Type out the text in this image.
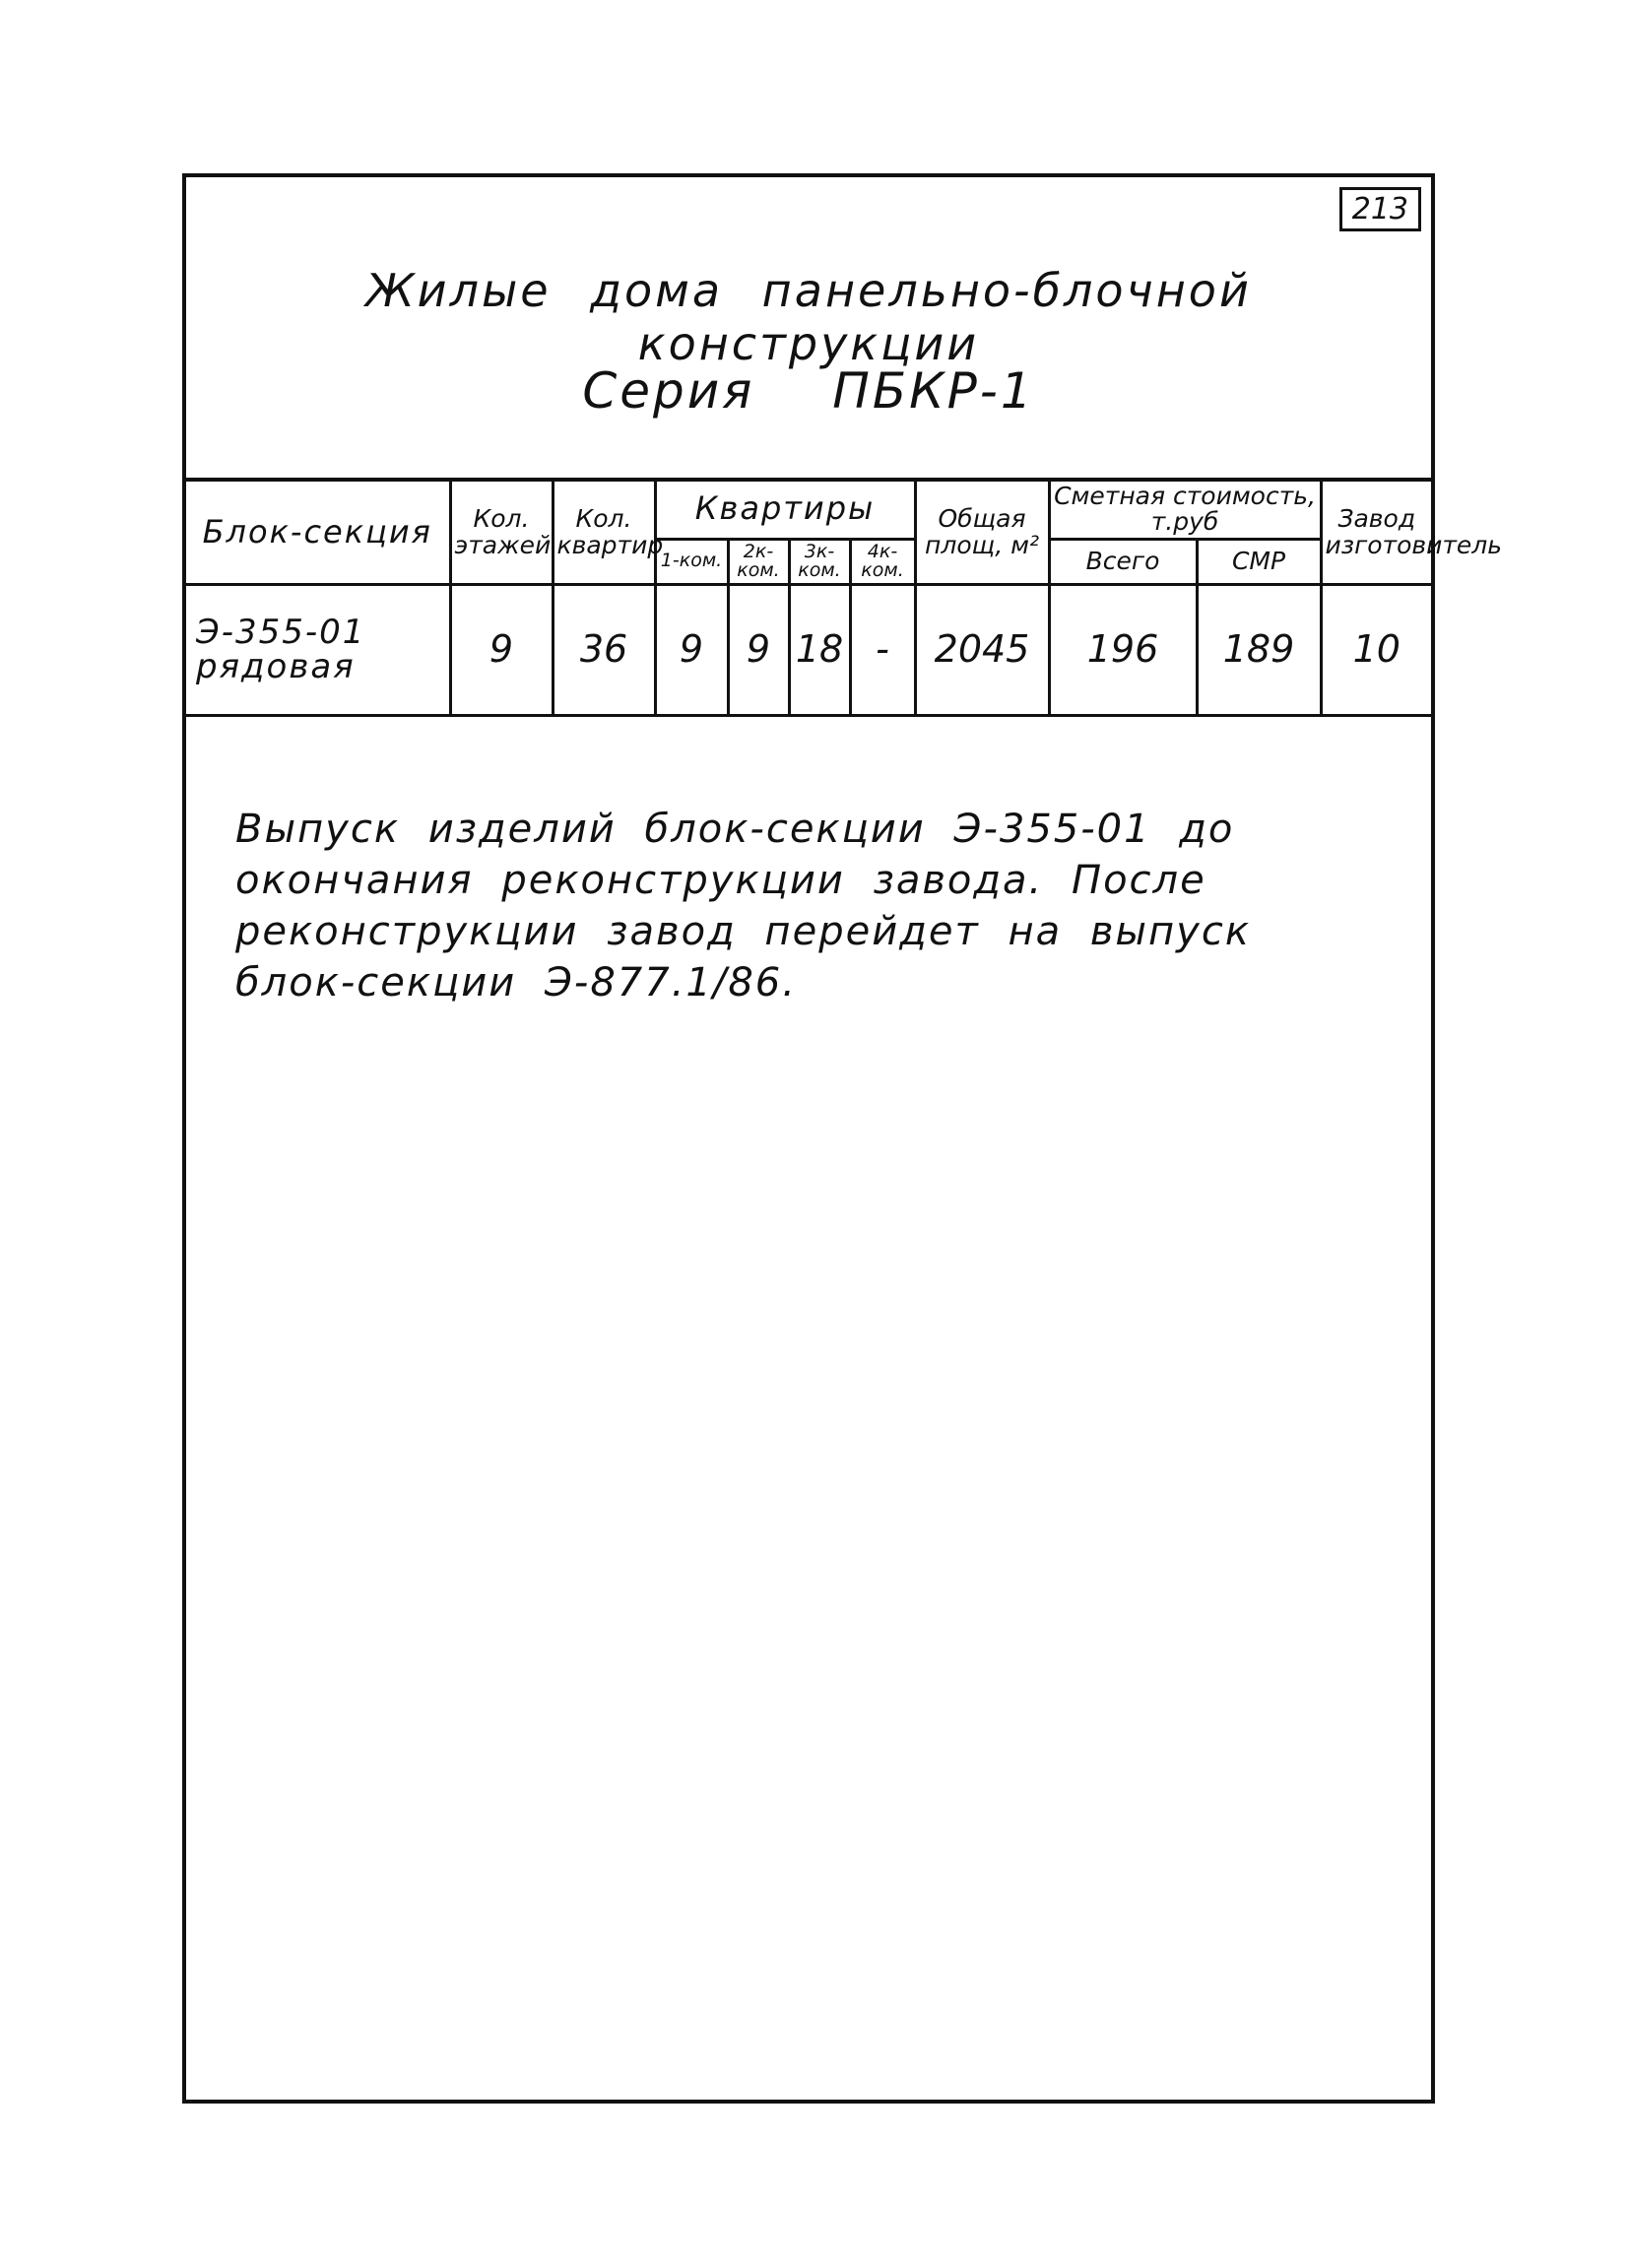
213
Жилые дома панельно-блочной конструкции
Серия ПБКР-1
Блок-секция	Кол. этажей	Кол. квартир	Квартиры				Общая площ, м²	Сметная стоимость, т.руб		Завод изготовитель
			1-ком.	2к-ком.	3к-ком.	4к-ком.		Всего	СМР	

Э-355-01
рядовая	9	36	9	9	18	-	2045	196	189	10
Выпуск изделий блок-секции Э-355-01 до окончания реконструкции завода. После реконструкции завод перейдет на выпуск блок-секции Э-877.1/86.
